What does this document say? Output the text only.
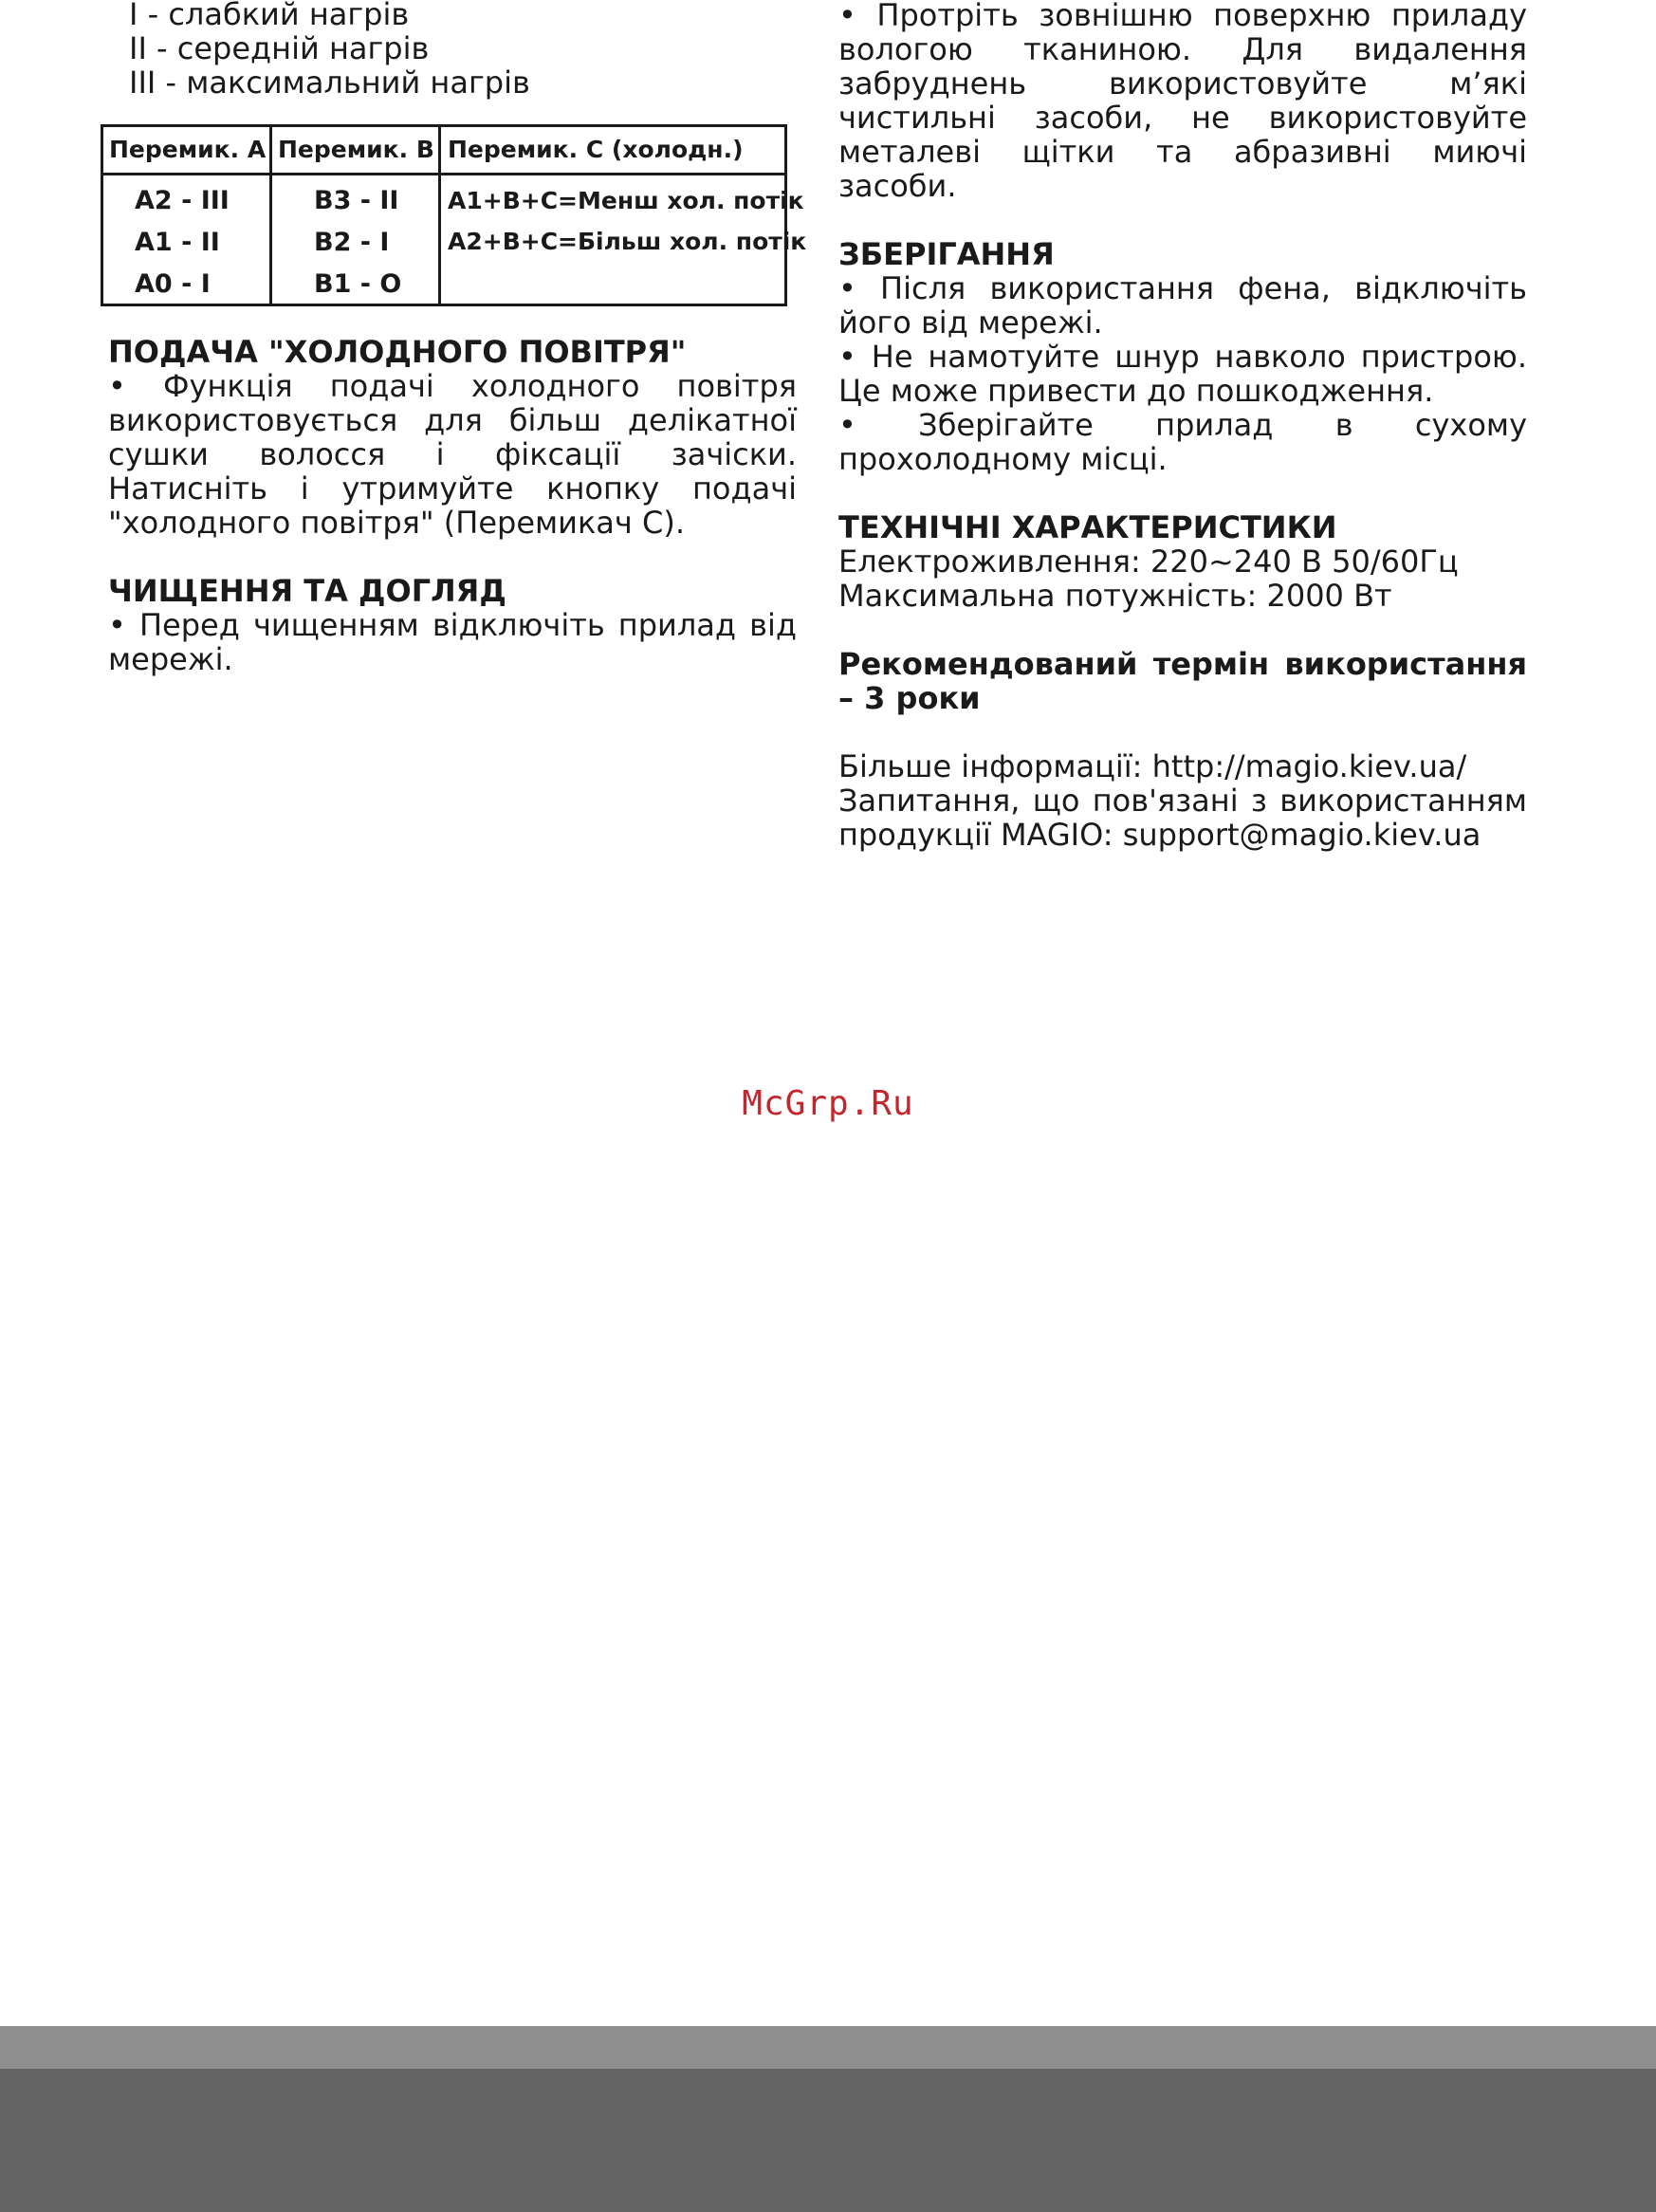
I - слабкий нагрів
II - середній нагрів
III - максимальний нагрів
Перемик. A Перемик. B Перемик. C (холодн.)
A2 - III
A1 - II
A0 - I
B3 - II
B2 - I
B1 - O
A1+B+C=Менш хол. потік
A2+B+C=Більш хол. потік
ПОДАЧА "ХОЛОДНОГО ПОВІТРЯ"

• Функція подачі холодного повітря використовується для більш делікатної сушки волосся і фіксації зачіски. Натисніть і утримуйте кнопку подачі "холодного повітря" (Перемикач С).

ЧИЩЕННЯ ТА ДОГЛЯД

• Перед чищенням відключіть прилад від мережі.

• Протріть зовнішню поверхню приладу вологою тканиною. Для видалення забруднень використовуйте м’які чистильні засоби, не використовуйте металеві щітки та абразивні миючі засоби.

ЗБЕРІГАННЯ

• Після використання фена, відключіть його від мережі.

• Не намотуйте шнур навколо пристрою. Це може привести до пошкодження.

• Зберігайте прилад в сухому прохолодному місці.

ТЕХНІЧНІ ХАРАКТЕРИСТИКИ

Електроживлення: 220~240 В 50/60Гц

Максимальна потужність: 2000 Вт

Рекомендований термін використання – 3 роки

Більше інформації: http://magio.kiev.ua/

Запитання, що пов'язані з використанням продукції MAGIO: support@magio.kiev.ua

McGrp.Ru
